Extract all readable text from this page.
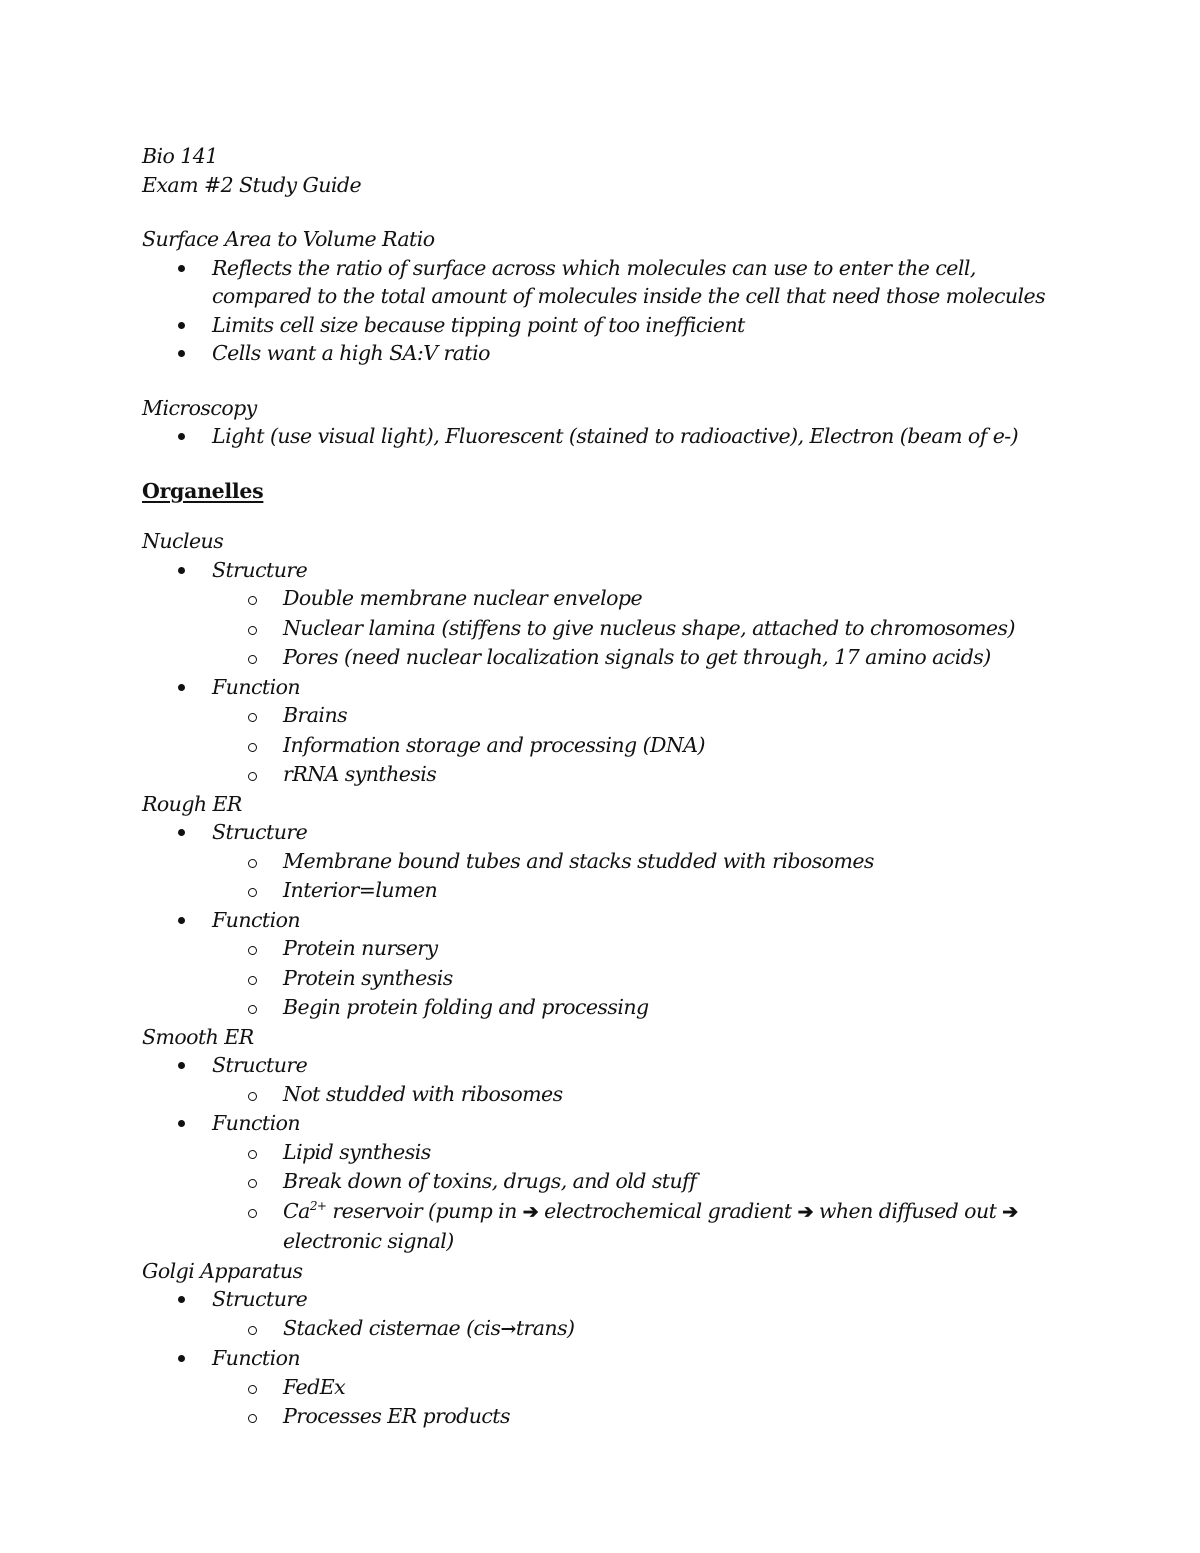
Bio 141

Exam #2 Study Guide

Surface Area to Volume Ratio

Reflects the ratio of surface across which molecules can use to enter the cell, compared to the total amount of molecules inside the cell that need those molecules
Limits cell size because tipping point of too inefficient
Cells want a high SA:V ratio

Microscopy

Light (use visual light), Fluorescent (stained to radioactive), Electron (beam of e-)

Organelles

Nucleus

Structure
Double membrane nuclear envelope
Nuclear lamina (stiffens to give nucleus shape, attached to chromosomes)
Pores (need nuclear localization signals to get through, 17 amino acids)
Function
Brains
Information storage and processing (DNA)
rRNA synthesis

Rough ER

Structure
Membrane bound tubes and stacks studded with ribosomes
Interior=lumen
Function
Protein nursery
Protein synthesis
Begin protein folding and processing

Smooth ER

Structure
Not studded with ribosomes
Function
Lipid synthesis
Break down of toxins, drugs, and old stuff
$Ca^{2+}$ reservoir (pump in ➔ electrochemical gradient ➔ when diffused out ➔ electronic signal)

Golgi Apparatus

Structure
Stacked cisternae (cis→trans)
Function
FedEx
Processes ER products
